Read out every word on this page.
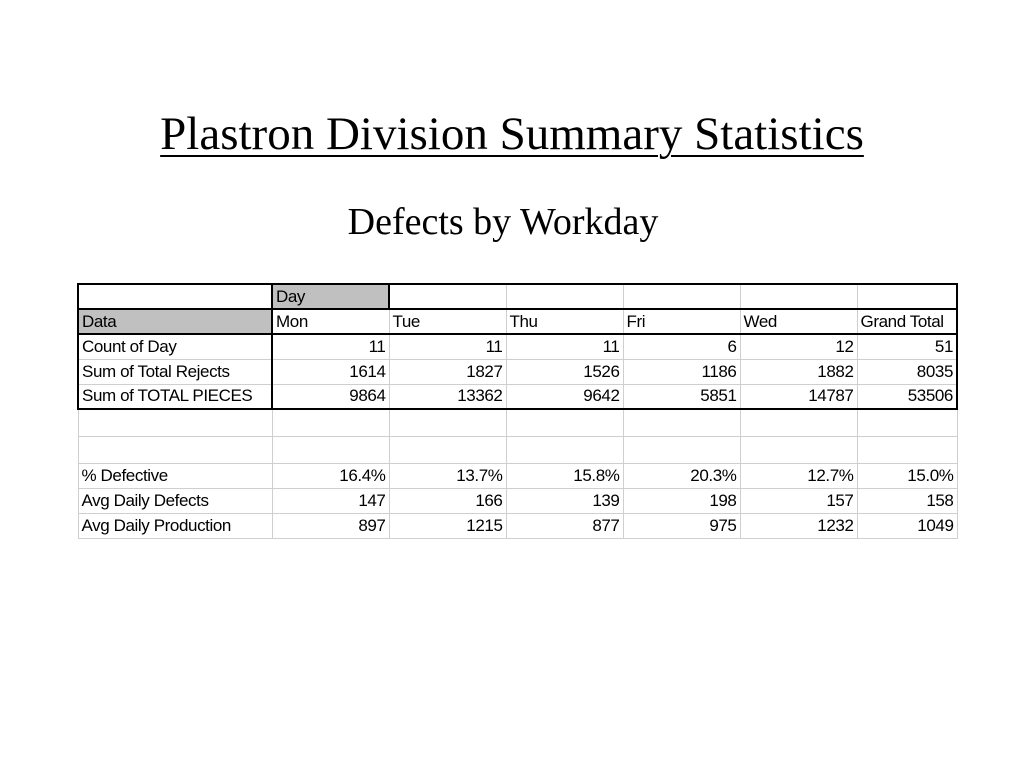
Plastron Division Summary Statistics
Defects by Workday
	Day					
Data	Mon	Tue	Thu	Fri	Wed	Grand Total
Count of Day	11	11	11	6	12	51
Sum of Total Rejects	1614	1827	1526	1186	1882	8035
Sum of TOTAL PIECES	9864	13362	9642	5851	14787	53506

% Defective	16.4%	13.7%	15.8%	20.3%	12.7%	15.0%
Avg Daily Defects	147	166	139	198	157	158
Avg Daily Production	897	1215	877	975	1232	1049
